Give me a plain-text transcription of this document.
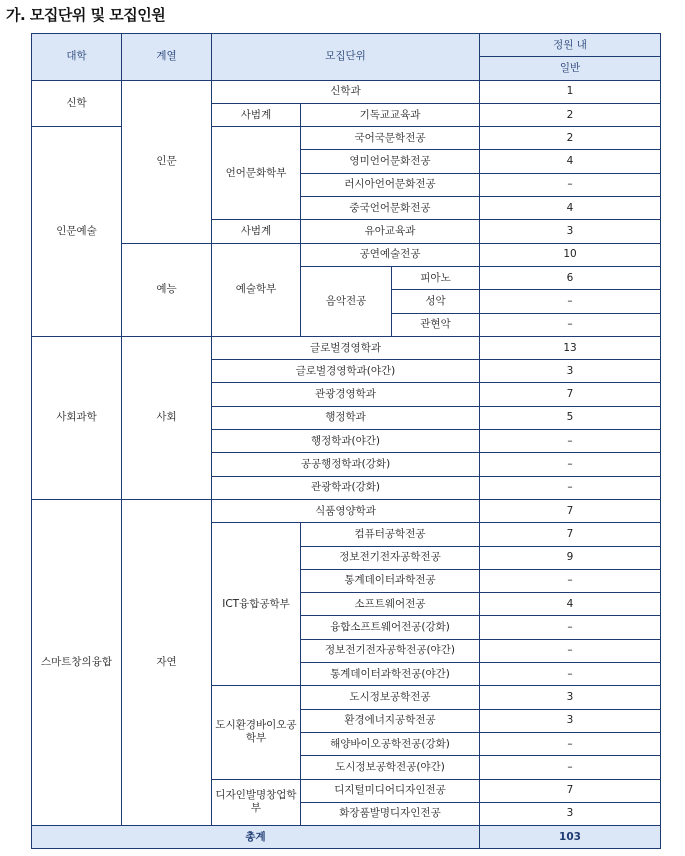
가. 모집단위 및 모집인원
대학	계열	모집단위			정원 내
					일반
신학	인문	신학과			1
		사범계	기독교교육과		2
인문예술		언어문화학부	국어국문학전공		2
			영미언어문화전공		4
			러시아언어문화전공		–
			중국언어문화전공		4
		사범계	유아교육과		3
	예능	예술학부	공연예술전공		10
			음악전공	피아노	6
				성악	–
				관현악	–
사회과학	사회	글로벌경영학과			13
		글로벌경영학과(야간)			3
		관광경영학과			7
		행정학과			5
		행정학과(야간)			–
		공공행정학과(강화)			–
		관광학과(강화)			–
스마트창의융합	자연	식품영양학과			7
		ICT융합공학부	컴퓨터공학전공		7
			정보전기전자공학전공		9
			통계데이터과학전공		–
			소프트웨어전공		4
			융합소프트웨어전공(강화)		–
			정보전기전자공학전공(야간)		–
			통계데이터과학전공(야간)		–
		도시환경바이오공학부	도시정보공학전공		3
			환경에너지공학전공		3
			해양바이오공학전공(강화)		–
			도시정보공학전공(야간)		–
		디자인발명창업학부	디지털미디어디자인전공		7
			화장품발명디자인전공		3
총계					103
